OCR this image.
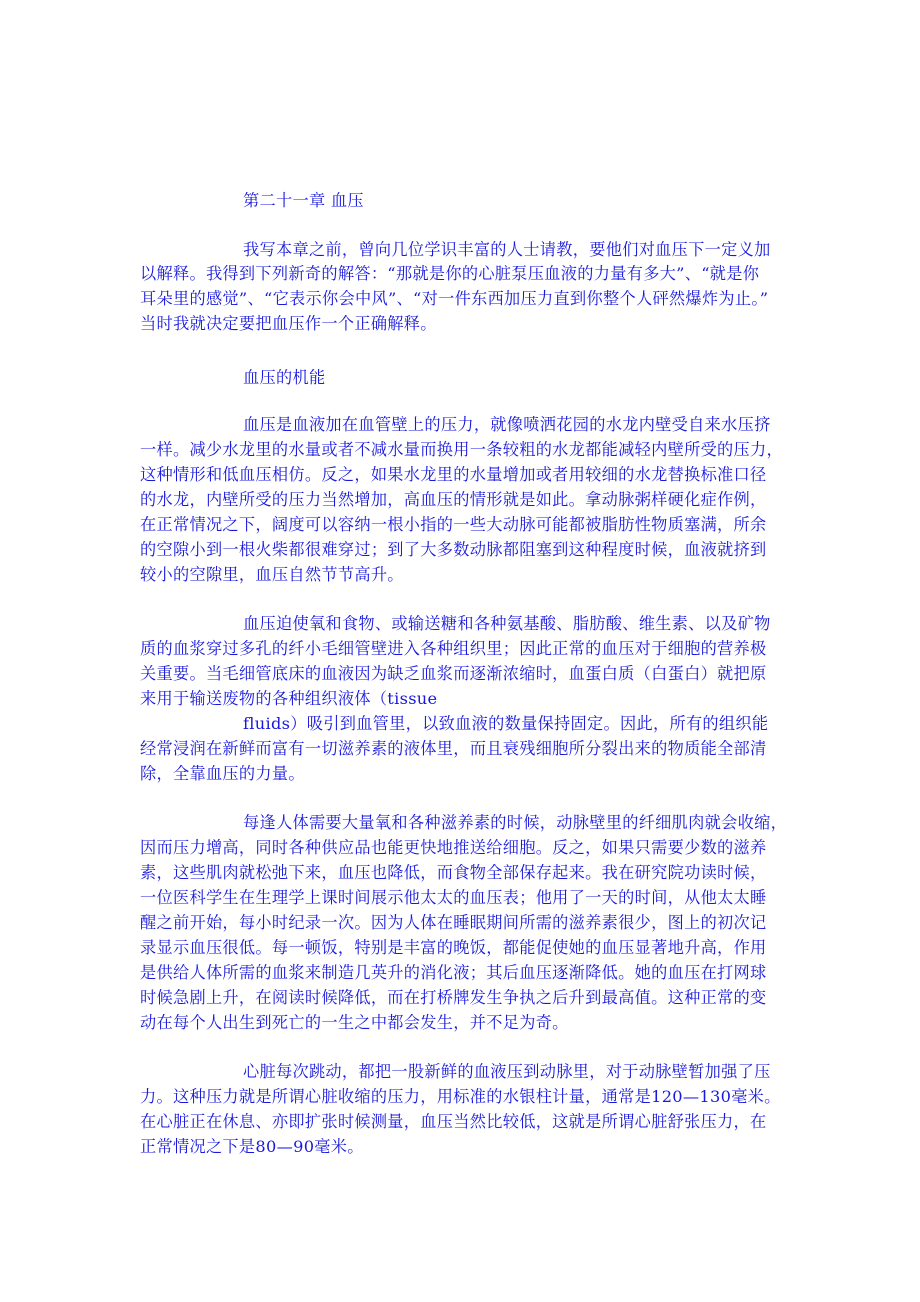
第二十一章 血压
我写本章之前，曾向几位学识丰富的人士请教，要他们对血压下一定义加
以解释。我得到下列新奇的解答：“那就是你的心脏泵压血液的力量有多大”、“就是你
耳朵里的感觉”、“它表示你会中风”、“对一件东西加压力直到你整个人砰然爆炸为止。”
当时我就决定要把血压作一个正确解释。
血压的机能
血压是血液加在血管壁上的压力，就像喷洒花园的水龙内壁受自来水压挤
一样。减少水龙里的水量或者不减水量而换用一条较粗的水龙都能减轻内壁所受的压力，
这种情形和低血压相仿。反之，如果水龙里的水量增加或者用较细的水龙替换标准口径
的水龙，内壁所受的压力当然增加，高血压的情形就是如此。拿动脉粥样硬化症作例，
在正常情况之下，阔度可以容纳一根小指的一些大动脉可能都被脂肪性物质塞满，所余
的空隙小到一根火柴都很难穿过；到了大多数动脉都阻塞到这种程度时候，血液就挤到
较小的空隙里，血压自然节节高升。
血压迫使氧和食物、或输送糖和各种氨基酸、脂肪酸、维生素、以及矿物
质的血浆穿过多孔的纤小毛细管壁进入各种组织里；因此正常的血压对于细胞的营养极
关重要。当毛细管底床的血液因为缺乏血浆而逐渐浓缩时，血蛋白质（白蛋白）就把原
来用于输送废物的各种组织液体（tissue
fluids）吸引到血管里，以致血液的数量保持固定。因此，所有的组织能
经常浸润在新鲜而富有一切滋养素的液体里，而且衰残细胞所分裂出来的物质能全部清
除，全靠血压的力量。
每逢人体需要大量氧和各种滋养素的时候，动脉壁里的纤细肌肉就会收缩，
因而压力增高，同时各种供应品也能更快地推送给细胞。反之，如果只需要少数的滋养
素，这些肌肉就松弛下来，血压也降低，而食物全部保存起来。我在研究院功读时候，
一位医科学生在生理学上课时间展示他太太的血压表；他用了一天的时间，从他太太睡
醒之前开始，每小时纪录一次。因为人体在睡眠期间所需的滋养素很少，图上的初次记
录显示血压很低。每一顿饭，特别是丰富的晚饭，都能促使她的血压显著地升高，作用
是供给人体所需的血浆来制造几英升的消化液；其后血压逐渐降低。她的血压在打网球
时候急剧上升，在阅读时候降低，而在打桥牌发生争执之后升到最高值。这种正常的变
动在每个人出生到死亡的一生之中都会发生，并不足为奇。
心脏每次跳动，都把一股新鲜的血液压到动脉里，对于动脉壁暂加强了压
力。这种压力就是所谓心脏收缩的压力，用标准的水银柱计量，通常是120—130毫米。
在心脏正在休息、亦即扩张时候测量，血压当然比较低，这就是所谓心脏舒张压力，在
正常情况之下是80—90毫米。
